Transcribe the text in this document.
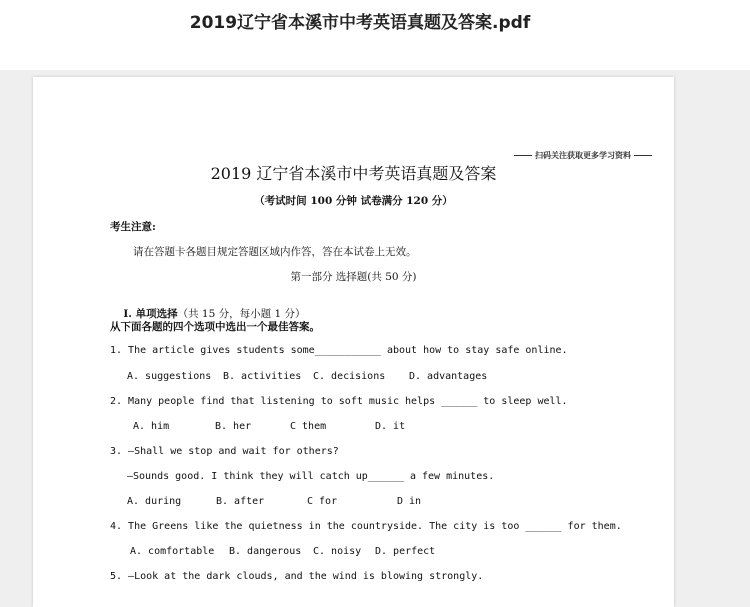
2019辽宁省本溪市中考英语真题及答案.pdf
扫码关注获取更多学习资料
2019 辽宁省本溪市中考英语真题及答案
（考试时间 100 分钟 试卷满分 120 分）
考生注意:
请在答题卡各题目规定答题区域内作答，答在本试卷上无效。
第一部分 选择题(共 50 分)

Ⅰ. 单项选择（共 15 分，每小题 1 分）

从下面各题的四个选项中选出一个最佳答案。
1. The article gives students some___________ about how to stay safe online.
A. suggestions B. activities C. decisions D. advantages
2. Many people find that listening to soft music helps ______ to sleep well.
A. him	B. her	C them	D. it
3. —Shall we stop and wait for others?
—Sounds good. I think they will catch up______ a few minutes.
A. during	B. after	C for	D in
4. The Greens like the quietness in the countryside. The city is too ______ for them.
A. comfortable B. dangerous C. noisy D. perfect
5. —Look at the dark clouds, and the wind is blowing strongly.
